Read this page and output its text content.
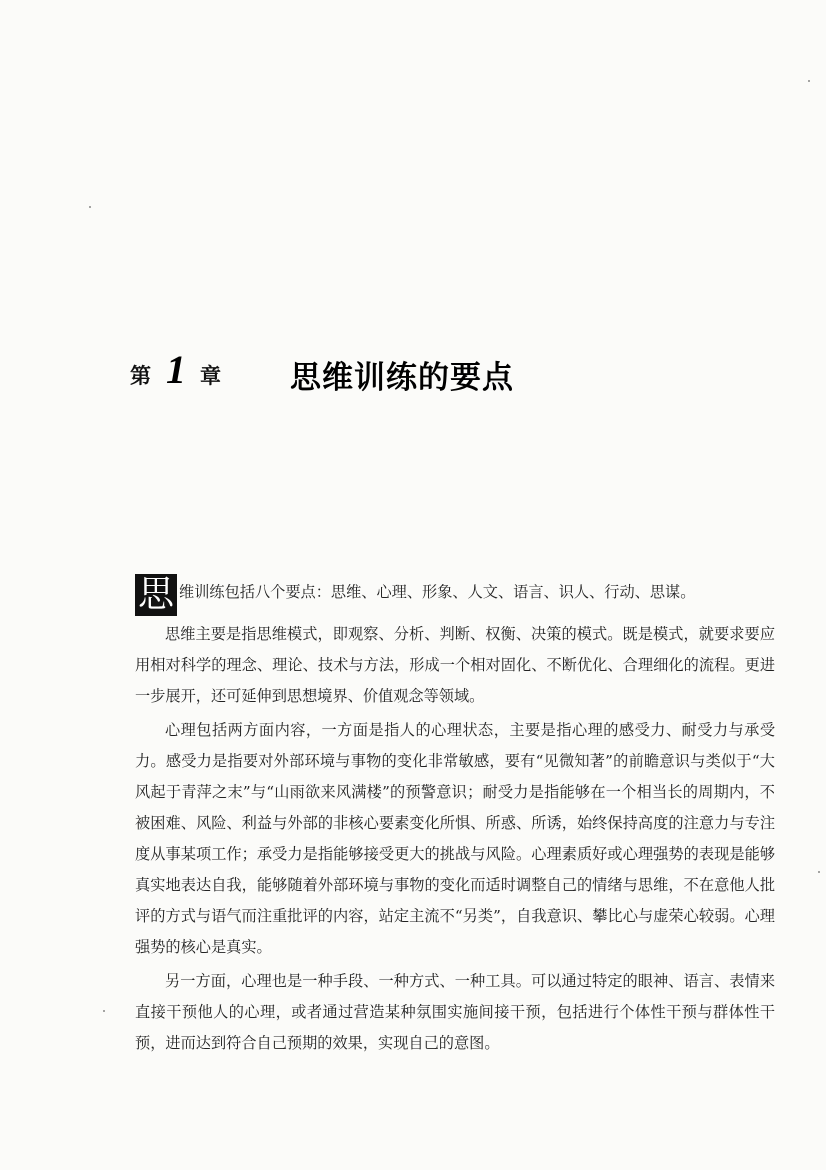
第 1 章 思维训练的要点

思 维训练包括八个要点：思维、心理、形象、人文、语言、识人、行动、思谋。

思维主要是指思维模式，即观察、分析、判断、权衡、决策的模式。既是模式，就要求要应用相对科学的理念、理论、技术与方法，形成一个相对固化、不断优化、合理细化的流程。更进一步展开，还可延伸到思想境界、价值观念等领域。

心理包括两方面内容，一方面是指人的心理状态，主要是指心理的感受力、耐受力与承受力。感受力是指要对外部环境与事物的变化非常敏感，要有“见微知著”的前瞻意识与类似于“大风起于青萍之末”与“山雨欲来风满楼”的预警意识；耐受力是指能够在一个相当长的周期内，不被困难、风险、利益与外部的非核心要素变化所惧、所惑、所诱，始终保持高度的注意力与专注度从事某项工作；承受力是指能够接受更大的挑战与风险。心理素质好或心理强势的表现是能够真实地表达自我，能够随着外部环境与事物的变化而适时调整自己的情绪与思维，不在意他人批评的方式与语气而注重批评的内容，站定主流不“另类”，自我意识、攀比心与虚荣心较弱。心理强势的核心是真实。

另一方面，心理也是一种手段、一种方式、一种工具。可以通过特定的眼神、语言、表情来直接干预他人的心理，或者通过营造某种氛围实施间接干预，包括进行个体性干预与群体性干预，进而达到符合自己预期的效果，实现自己的意图。
